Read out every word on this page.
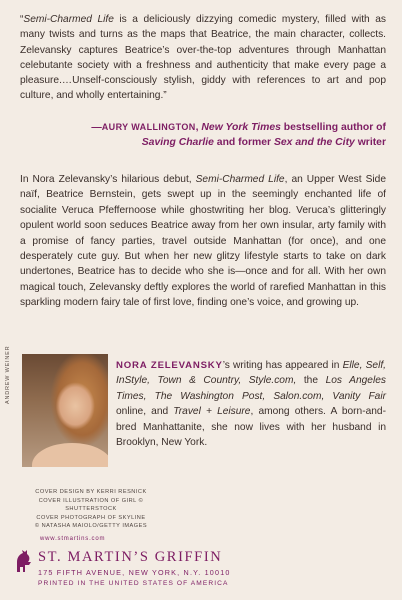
“Semi-Charmed Life is a deliciously dizzying comedic mystery, filled with as many twists and turns as the maps that Beatrice, the main character, collects. Zelevansky captures Beatrice’s over-the-top adventures through Manhattan celebutante society with a freshness and authenticity that make every page a pleasure.…Unself-consciously stylish, giddy with references to art and pop culture, and wholly entertaining.”
—AURY WALLINGTON, New York Times bestselling author of
Saving Charlie and former Sex and the City writer
In Nora Zelevansky’s hilarious debut, Semi-Charmed Life, an Upper West Side naïf, Beatrice Bernstein, gets swept up in the seemingly enchanted life of socialite Veruca Pfeffernoose while ghostwriting her blog. Veruca’s glitteringly opulent world soon seduces Beatrice away from her own insular, arty family with a promise of fancy parties, travel outside Manhattan (for once), and one desperately cute guy. But when her new glitzy lifestyle starts to take on dark undertones, Beatrice has to decide who she is—once and for all. With her own magical touch, Zelevansky deftly explores the world of rarefied Manhattan in this sparkling modern fairy tale of first love, finding one’s voice, and growing up.
ANDREW WEINER	NORA ZELEVANSKY’s writing has appeared in Elle, Self, InStyle, Town & Country, Style.com, the Los Angeles Times, The Washington Post, Salon.com, Vanity Fair online, and Travel + Leisure, among others. A born-and-bred Manhattanite, she now lives with her husband in Brooklyn, New York.
COVER DESIGN BY KERRI RESNICK
COVER ILLUSTRATION OF GIRL © SHUTTERSTOCK
COVER PHOTOGRAPH OF SKYLINE
© NATASHA MAIOLO/GETTY IMAGES
www.stmartins.com
ST. MARTIN’S GRIFFIN
175 FIFTH AVENUE, NEW YORK, N.Y. 10010
PRINTED IN THE UNITED STATES OF AMERICA
